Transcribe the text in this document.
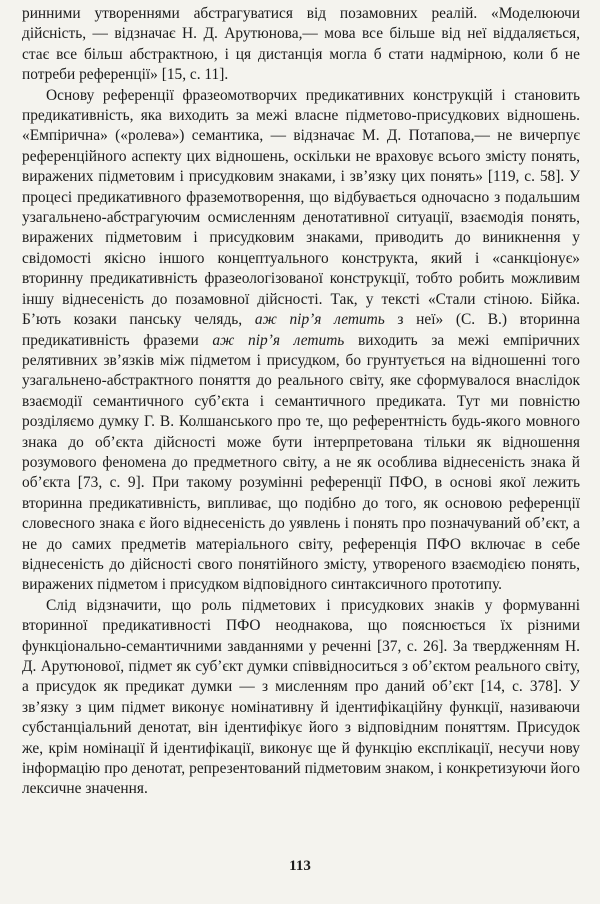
ринними утвореннями абстрагуватися від позамовних реалій. «Моделюючи дійсність, — відзначає Н. Д. Арутюнова,— мова все більше від неї віддаляється, стає все більш абстрактною, і ця дистанція могла б стати надмірною, коли б не потреби референції» [15, с. 11].

Основу референції фразеомотворчих предикативних конструкцій і становить предикативність, яка виходить за межі власне підметово-присудкових відношень. «Емпірична» («ролева») семантика, — відзначає М. Д. Потапова,— не вичерпує референційного аспекту цих відношень, оскільки не враховує всього змісту понять, виражених підметовим і присудковим знаками, і зв’язку цих понять» [119, с. 58]. У процесі предикативного фраземотворення, що відбувається одночасно з подальшим узагальнено-абстрагуючим осмисленням денотативної ситуації, взаємодія понять, виражених підметовим і присудковим знаками, приводить до виникнення у свідомості якісно іншого концептуального конструкта, який і «санкціонує» вторинну предикативність фразеологізованої конструкції, тобто робить можливим іншу віднесеність до позамовної дійсності. Так, у тексті «Стали стіною. Бійка. Б’ють козаки панську челядь, аж пір’я летить з неї» (С. В.) вторинна предикативність фраземи аж пір’я летить виходить за межі емпіричних релятивних зв’язків між підметом і присудком, бо грунтується на відношенні того узагальнено-абстрактного поняття до реального світу, яке сформувалося внаслідок взаємодії семантичного суб’єкта і семантичного предиката. Тут ми повністю розділяємо думку Г. В. Колшанського про те, що референтність будь-якого мовного знака до об’єкта дійсності може бути інтерпретована тільки як відношення розумового феномена до предметного світу, а не як особлива віднесеність знака й об’єкта [73, с. 9]. При такому розумінні референції ПФО, в основі якої лежить вторинна предикативність, випливає, що подібно до того, як основою референції словесного знака є його віднесеність до уявлень і понять про позначуваний об’єкт, а не до самих предметів матеріального світу, референція ПФО включає в себе віднесеність до дійсності свого понятійного змісту, утвореного взаємодією понять, виражених підметом і присудком відповідного синтаксичного прототипу.

Слід відзначити, що роль підметових і присудкових знаків у формуванні вторинної предикативності ПФО неоднакова, що пояснюється їх різними функціонально-семантичними завданнями у реченні [37, с. 26]. За твердженням Н. Д. Арутюнової, підмет як суб’єкт думки співвідноситься з об’єктом реального світу, а присудок як предикат думки — з мисленням про даний об’єкт [14, с. 378]. У зв’язку з цим підмет виконує номінативну й ідентифікаційну функції, називаючи субстанціальний денотат, він ідентифікує його з відповідним поняттям. Присудок же, крім номінації й ідентифікації, виконує ще й функцію експлікації, несучи нову інформацію про денотат, репрезентований підметовим знаком, і конкретизуючи його лексичне значення.

113
